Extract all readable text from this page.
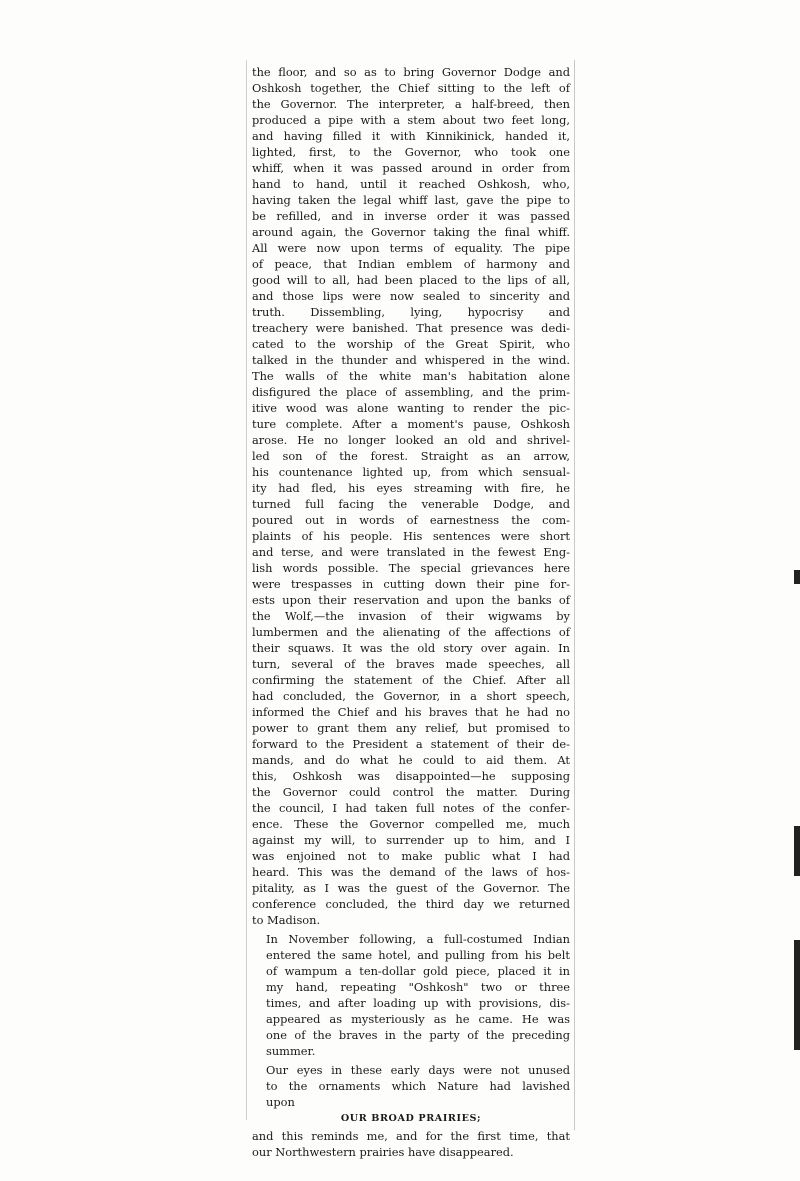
the floor, and so as to bring Governor Dodge and
Oshkosh together, the Chief sitting to the left of
the Governor. The interpreter, a half-breed, then
produced a pipe with a stem about two feet long,
and having filled it with Kinnikinick, handed it,
lighted, first, to the Governor, who took one
whiff, when it was passed around in order from
hand to hand, until it reached Oshkosh, who,
having taken the legal whiff last, gave the pipe to
be refilled, and in inverse order it was passed
around again, the Governor taking the final whiff.
All were now upon terms of equality. The pipe
of peace, that Indian emblem of harmony and
good will to all, had been placed to the lips of all,
and those lips were now sealed to sincerity and
truth. Dissembling, lying, hypocrisy and
treachery were banished. That presence was dedi-
cated to the worship of the Great Spirit, who
talked in the thunder and whispered in the wind.
The walls of the white man's habitation alone
disfigured the place of assembling, and the prim-
itive wood was alone wanting to render the pic-
ture complete. After a moment's pause, Oshkosh
arose. He no longer looked an old and shrivel-
led son of the forest. Straight as an arrow,
his countenance lighted up, from which sensual-
ity had fled, his eyes streaming with fire, he
turned full facing the venerable Dodge, and
poured out in words of earnestness the com-
plaints of his people. His sentences were short
and terse, and were translated in the fewest Eng-
lish words possible. The special grievances here
were trespasses in cutting down their pine for-
ests upon their reservation and upon the banks of
the Wolf,—the invasion of their wigwams by
lumbermen and the alienating of the affections of
their squaws. It was the old story over again. In
turn, several of the braves made speeches, all
confirming the statement of the Chief. After all
had concluded, the Governor, in a short speech,
informed the Chief and his braves that he had no
power to grant them any relief, but promised to
forward to the President a statement of their de-
mands, and do what he could to aid them. At
this, Oshkosh was disappointed—he supposing
the Governor could control the matter. During
the council, I had taken full notes of the confer-
ence. These the Governor compelled me, much
against my will, to surrender up to him, and I
was enjoined not to make public what I had
heard. This was the demand of the laws of hos-
pitality, as I was the guest of the Governor. The
conference concluded, the third day we returned
to Madison.

In November following, a full-costumed Indian
entered the same hotel, and pulling from his belt
of wampum a ten-dollar gold piece, placed it in
my hand, repeating "Oshkosh" two or three
times, and after loading up with provisions, dis-
appeared as mysteriously as he came. He was
one of the braves in the party of the preceding
summer.

Our eyes in these early days were not unused
to the ornaments which Nature had lavished
upon

OUR BROAD PRAIRIES;

and this reminds me, and for the first time, that
our Northwestern prairies have disappeared.
